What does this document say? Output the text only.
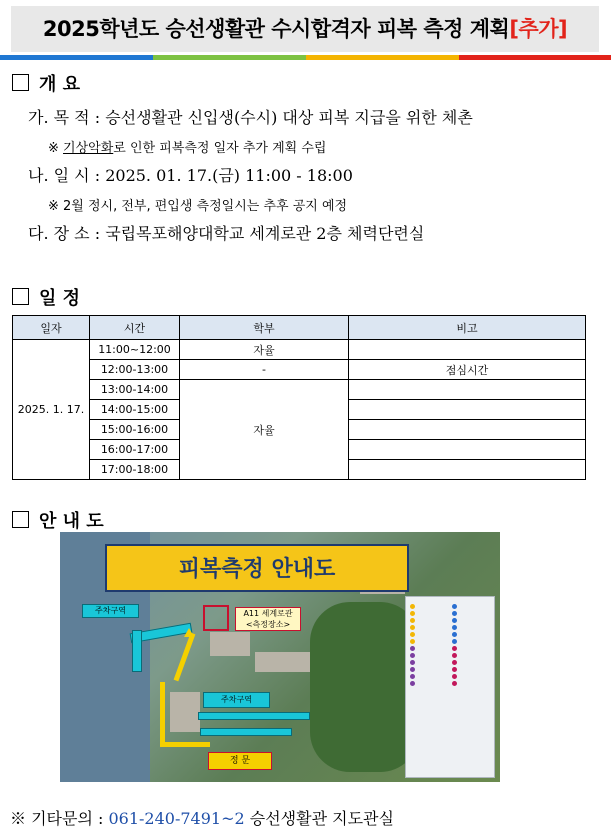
2025학년도 승선생활관 수시합격자 피복 측정 계획[추가]
개 요
가. 목 적 : 승선생활관 신입생(수시) 대상 피복 지급을 위한 체촌
※ 기상악화로 인한 피복측정 일자 추가 계획 수립
나. 일 시 : 2025. 01. 17.(금) 11:00 - 18:00
※ 2월 정시, 전부, 편입생 측정일시는 추후 공지 예정
다. 장 소 : 국립목포해양대학교 세계로관 2층 체력단련실
일 정
일자	시간	학부	비고
2025. 1. 17.	11:00~12:00	자율	
	12:00-13:00	-	점심시간
	13:00-14:00	자율	
	14:00-15:00		
	15:00-16:00		
	16:00-17:00		
	17:00-18:00		
안 내 도
피복측정 안내도
주차구역
주차구역
A11 세계로관
<측정장소>
정 문
※ 기타문의 : 061-240-7491~2 승선생활관 지도관실
